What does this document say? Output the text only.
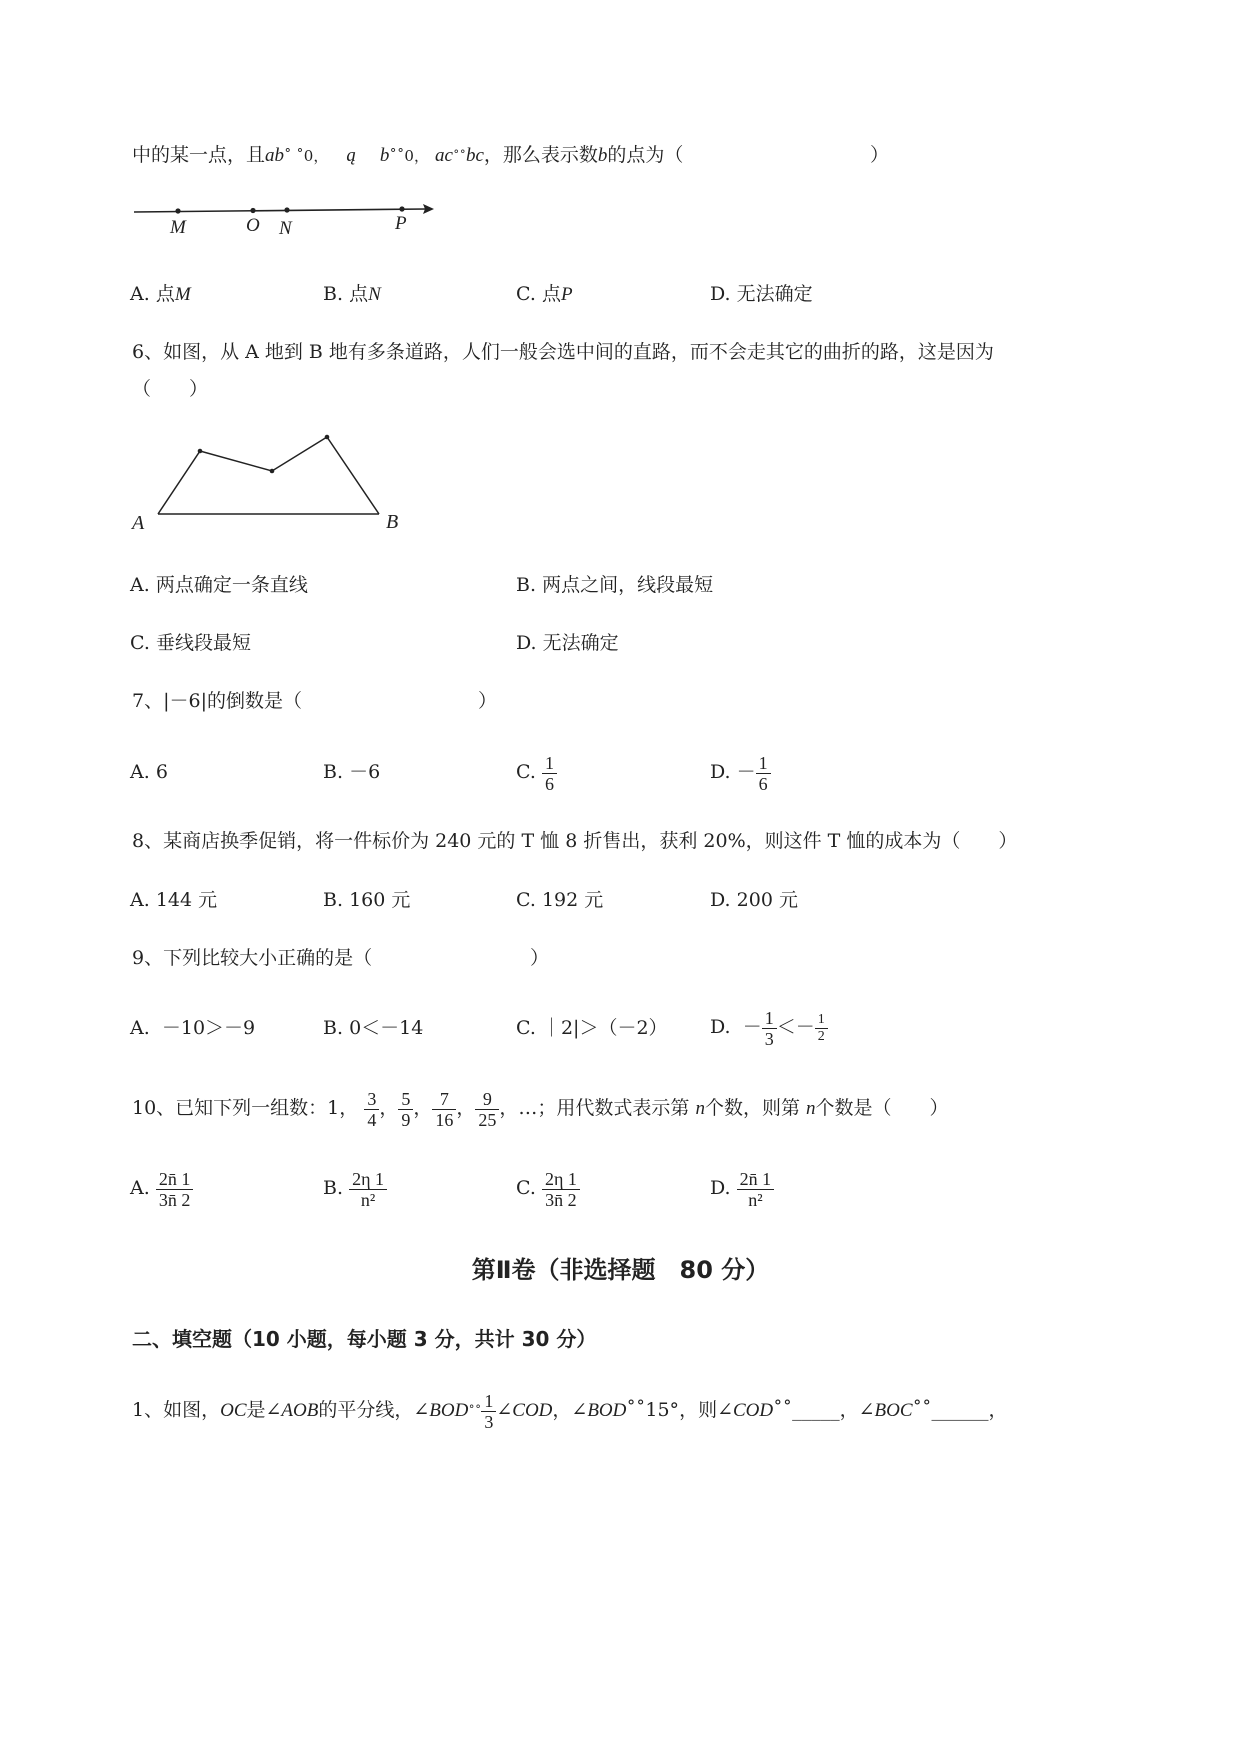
中的某一点，且ab˚ ˚0， ą b˚˚0， ac˚˚bc，那么表示数b的点为（	）
M	O N	P
A. 点M	B. 点N	C. 点P	D. 无法确定
6、如图，从 A 地到 B 地有多条道路，人们一般会选中间的直路，而不会走其它的曲折的路，这是因为
（　　）
A	B
A. 两点确定一条直线	B. 两点之间，线段最短
C. 垂线段最短	D. 无法确定
7、|－6|的倒数是（	）
A. 6	B. －6	C. $\frac{1}{6}$	D. － $\frac{1}{6}$
8、某商店换季促销，将一件标价为 240 元的 T 恤 8 折售出，获利 20%，则这件 T 恤的成本为（　　）
A. 144 元	B. 160 元	C. 192 元	D. 200 元
9、下列比较大小正确的是（	）
A. －10＞－9	B. 0＜－14	C. ｜2|＞（－2） D. － $\frac{1}{3} <- \frac{1}{2}$
10、已知下列一组数：1， $\frac{3}{4}$ ， $\frac{5}{9}$ ， $\frac{7}{16}$ ， $\frac{9}{25}$ ，…；用代数式表示第 n个数，则第 n个数是（　　）
A. $\frac{2n̄ 1}{3n̄ 2}$	B. $\frac{2\eta 1}{\text{n²}}$	C. $\frac{2\eta 1}{3n̄ 2}$	D. $\frac{2n̄ 1}{\text{n²}}$
第Ⅱ卷（非选择题　80 分）
二、填空题（10 小题，每小题 3 分，共计 30 分）
1、如图，OC是∠AOB的平分线，∠BOD˚˚ $\frac{1}{3}$ ∠COD，∠BOD˚˚15°，则∠COD˚˚_____，∠BOC˚˚______，
